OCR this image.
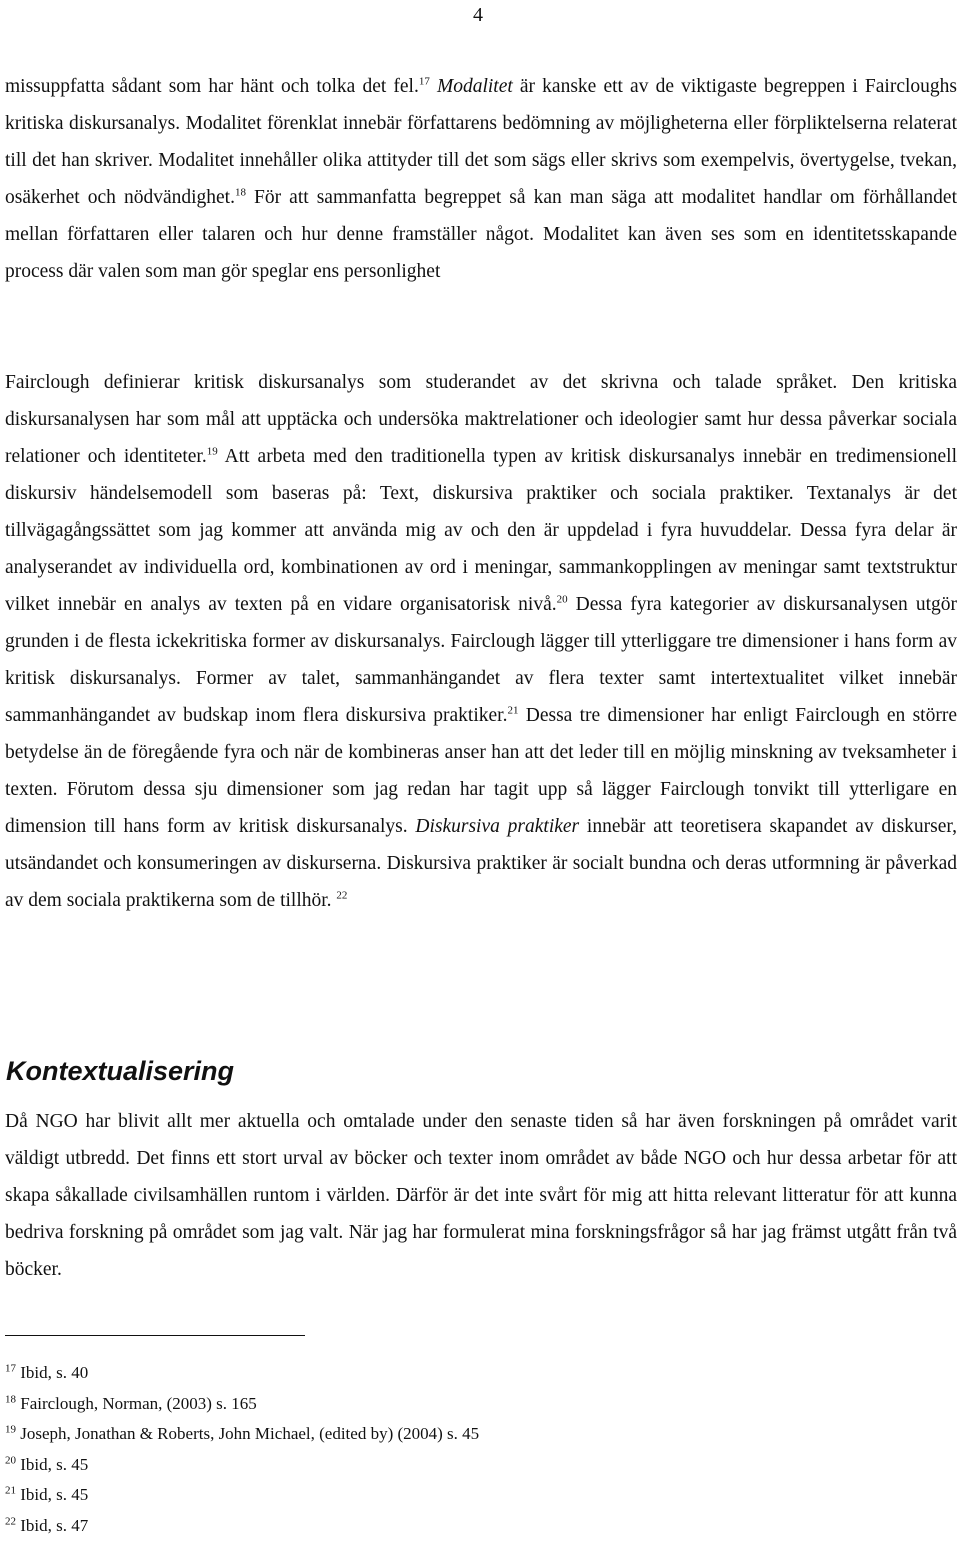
4

missuppfatta sådant som har hänt och tolka det fel.$^{17}$ Modalitet är kanske ett av de viktigaste begreppen i Faircloughs kritiska diskursanalys. Modalitet förenklat innebär författarens bedömning av möjligheterna eller förpliktelserna relaterat till det han skriver. Modalitet innehåller olika attityder till det som sägs eller skrivs som exempelvis, övertygelse, tvekan, osäkerhet och nödvändighet.$^{18}$ För att sammanfatta begreppet så kan man säga att modalitet handlar om förhållandet mellan författaren eller talaren och hur denne framställer något. Modalitet kan även ses som en identitetsskapande process där valen som man gör speglar ens personlighet

Fairclough definierar kritisk diskursanalys som studerandet av det skrivna och talade språket. Den kritiska diskursanalysen har som mål att upptäcka och undersöka maktrelationer och ideologier samt hur dessa påverkar sociala relationer och identiteter.$^{19}$ Att arbeta med den traditionella typen av kritisk diskursanalys innebär en tredimensionell diskursiv händelsemodell som baseras på: Text, diskursiva praktiker och sociala praktiker. Textanalys är det tillvägagångssättet som jag kommer att använda mig av och den är uppdelad i fyra huvuddelar. Dessa fyra delar är analyserandet av individuella ord, kombinationen av ord i meningar, sammankopplingen av meningar samt textstruktur vilket innebär en analys av texten på en vidare organisatorisk nivå.$^{20}$ Dessa fyra kategorier av diskursanalysen utgör grunden i de flesta ickekritiska former av diskursanalys. Fairclough lägger till ytterliggare tre dimensioner i hans form av kritisk diskursanalys. Former av talet, sammanhängandet av flera texter samt intertextualitet vilket innebär sammanhängandet av budskap inom flera diskursiva praktiker.$^{21}$ Dessa tre dimensioner har enligt Fairclough en större betydelse än de föregående fyra och när de kombineras anser han att det leder till en möjlig minskning av tveksamheter i texten. Förutom dessa sju dimensioner som jag redan har tagit upp så lägger Fairclough tonvikt till ytterligare en dimension till hans form av kritisk diskursanalys. Diskursiva praktiker innebär att teoretisera skapandet av diskurser, utsändandet och konsumeringen av diskurserna. Diskursiva praktiker är socialt bundna och deras utformning är påverkad av dem sociala praktikerna som de tillhör. $^{22}$

Kontextualisering

Då NGO har blivit allt mer aktuella och omtalade under den senaste tiden så har även forskningen på området varit väldigt utbredd. Det finns ett stort urval av böcker och texter inom området av både NGO och hur dessa arbetar för att skapa såkallade civilsamhällen runtom i världen. Därför är det inte svårt för mig att hitta relevant litteratur för att kunna bedriva forskning på området som jag valt. När jag har formulerat mina forskningsfrågor så har jag främst utgått från två böcker.

$^{17}$ Ibid, s. 40
$^{18}$ Fairclough, Norman, (2003) s. 165
$^{19}$ Joseph, Jonathan & Roberts, John Michael, (edited by) (2004) s. 45
$^{20}$ Ibid, s. 45
$^{21}$ Ibid, s. 45
$^{22}$ Ibid, s. 47
